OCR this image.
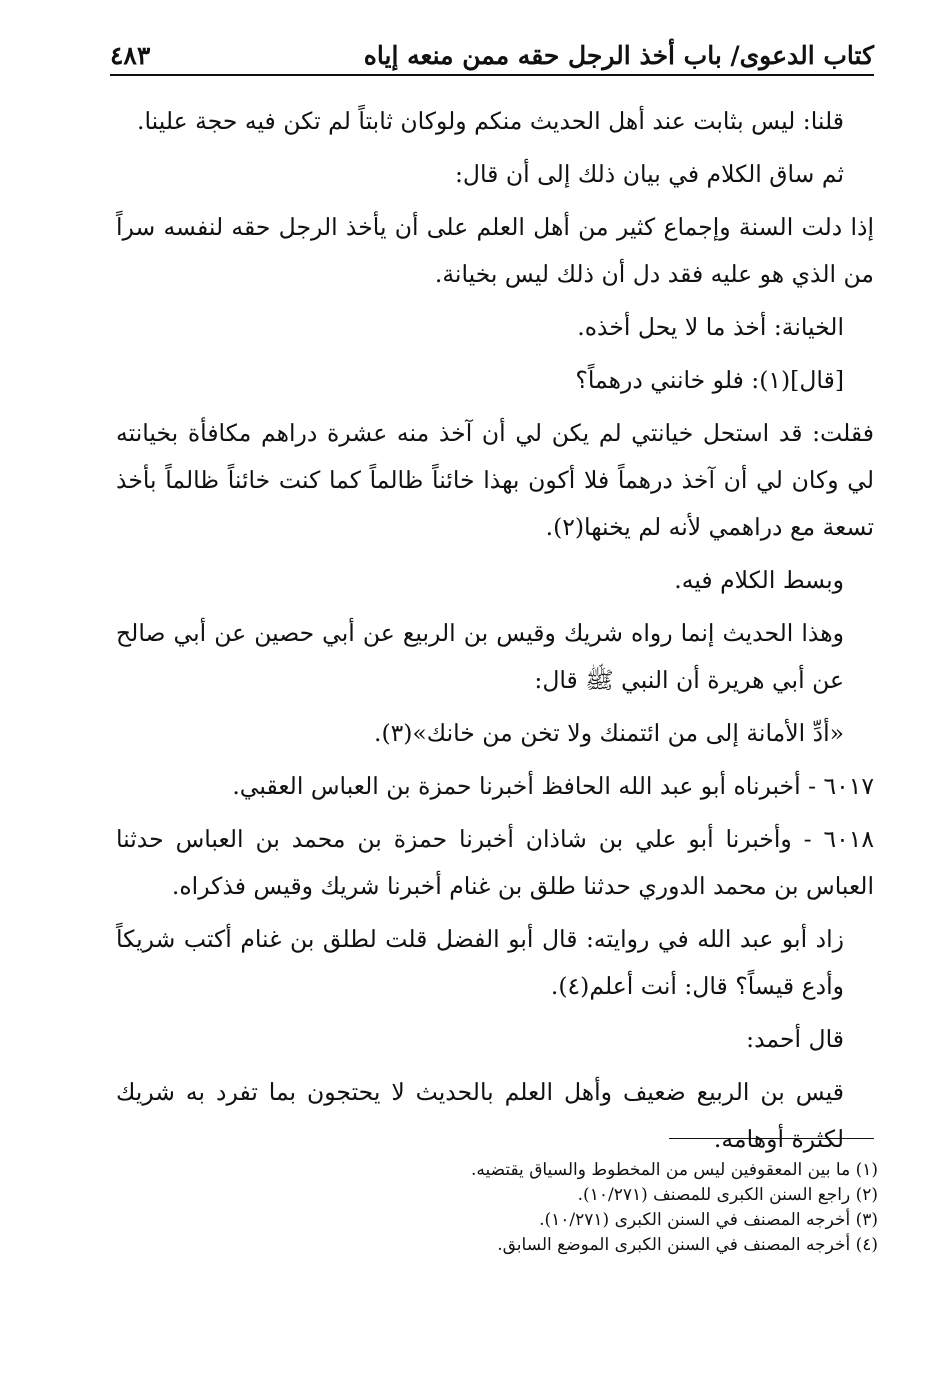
كتاب الدعوى/ باب أخذ الرجل حقه ممن منعه إياه
٤٨٣

قلنا: ليس بثابت عند أهل الحديث منكم ولوكان ثابتاً لم تكن فيه حجة علينا.

ثم ساق الكلام في بيان ذلك إلى أن قال:

إذا دلت السنة وإجماع كثير من أهل العلم على أن يأخذ الرجل حقه لنفسه سراً من الذي هو عليه فقد دل أن ذلك ليس بخيانة.

الخيانة: أخذ ما لا يحل أخذه.

[قال](١): فلو خانني درهماً؟

فقلت: قد استحل خيانتي لم يكن لي أن آخذ منه عشرة دراهم مكافأة بخيانته لي وكان لي أن آخذ درهماً فلا أكون بهذا خائناً ظالماً كما كنت خائناً ظالماً بأخذ تسعة مع دراهمي لأنه لم يخنها(٢).

وبسط الكلام فيه.

وهذا الحديث إنما رواه شريك وقيس بن الربيع عن أبي حصين عن أبي صالح عن أبي هريرة أن النبي ﷺ قال:

«أدِّ الأمانة إلى من ائتمنك ولا تخن من خانك»(٣).

٦٠١٧ - أخبرناه أبو عبد الله الحافظ أخبرنا حمزة بن العباس العقبي.

٦٠١٨ - وأخبرنا أبو علي بن شاذان أخبرنا حمزة بن محمد بن العباس حدثنا العباس بن محمد الدوري حدثنا طلق بن غنام أخبرنا شريك وقيس فذكراه.

زاد أبو عبد الله في روايته: قال أبو الفضل قلت لطلق بن غنام أكتب شريكاً وأدع قيساً؟ قال: أنت أعلم(٤).

قال أحمد:

قيس بن الربيع ضعيف وأهل العلم بالحديث لا يحتجون بما تفرد به شريك لكثرة أوهامه.

(١) ما بين المعقوفين ليس من المخطوط والسياق يقتضيه.

(٢) راجع السنن الكبرى للمصنف (١٠/٢٧١).

(٣) أخرجه المصنف في السنن الكبرى (١٠/٢٧١).

(٤) أخرجه المصنف في السنن الكبرى الموضع السابق.
